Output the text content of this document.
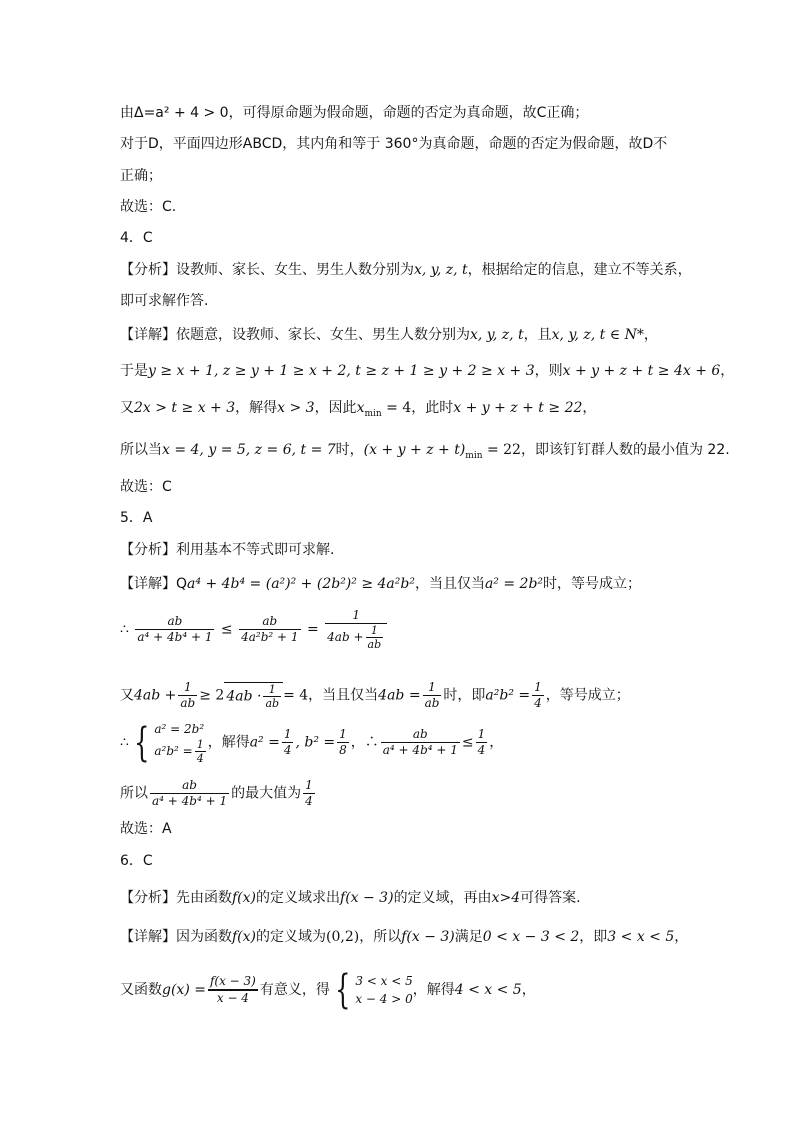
由Δ=a² + 4 > 0，可得原命题为假命题，命题的否定为真命题，故C正确；
对于D，平面四边形ABCD，其内角和等于 360°为真命题，命题的否定为假命题，故D不
正确；
故选：C.
4．C
【分析】设教师、家长、女生、男生人数分别为x, y, z, t，根据给定的信息，建立不等关系，
即可求解作答.
【详解】依题意，设教师、家长、女生、男生人数分别为x, y, z, t，且x, y, z, t ∈ N*，
于是y ≥ x + 1, z ≥ y + 1 ≥ x + 2, t ≥ z + 1 ≥ y + 2 ≥ x + 3，则x + y + z + t ≥ 4x + 6，
又2x > t ≥ x + 3，解得x > 3，因此$x_{min} = 4$，此时x + y + z + t ≥ 22，
所以当x = 4, y = 5, z = 6, t = 7时，$(x + y + z + t)_{min} = 22$，即该钉钉群人数的最小值为 22.
故选：C
5．A
【分析】利用基本不等式即可求解.
【详解】Qa⁴ + 4b⁴ = (a²)² + (2b²)² ≥ 4a²b²，当且仅当a² = 2b²时，等号成立；
∴ $\frac{ab}{\text{a⁴ + 4b⁴ + 1}} \le \frac{ab}{\text{4a²b² + 1}} = \frac{1}{4ab + \frac{1}{ab}}$
又$4ab + \frac{1}{ab} \ge 2$ $4ab \cdot \frac{1}{ab} = 4$，当且仅当$4ab = \frac{1}{ab}$ 时，即$a^2b^2 = \frac{1}{4}$ ，等号成立；
∴ { a² = 2b²
$a^2b^2 = \frac{1}{4}$ ，解得$a^2 = \frac{1}{4}$ , $b^2 = \frac{1}{8}$ ，∴ $\frac{ab}{\text{a⁴ + 4b⁴ + 1}} \le \frac{1}{4}$ ，
所以 $\frac{ab}{\text{a⁴ + 4b⁴ + 1}}$ 的最大值为 $\frac{1}{4}$
故选：A
6．C
【分析】先由函数f(x)的定义域求出f(x − 3)的定义域，再由x>4可得答案.
【详解】因为函数f(x)的定义域为(0,2)，所以f(x − 3)满足0 < x − 3 < 2，即3 < x < 5，
又函数$g(x) = \frac{f(x - 3)}{x - 4}$ 有意义，得 { 3 < x < 5
x − 4 > 0
，解得4 < x < 5，
